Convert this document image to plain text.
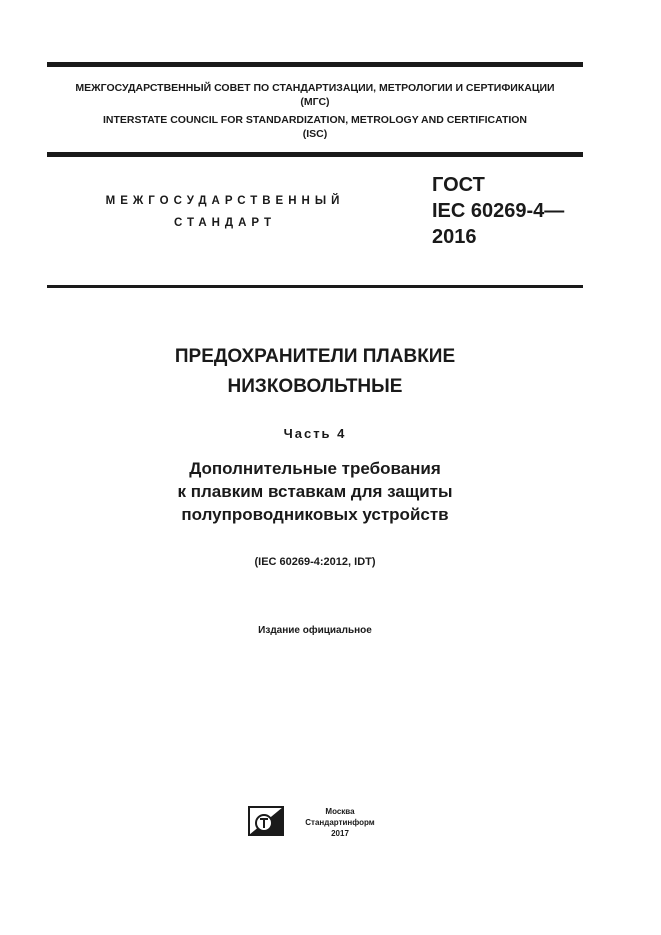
МЕЖГОСУДАРСТВЕННЫЙ СОВЕТ ПО СТАНДАРТИЗАЦИИ, МЕТРОЛОГИИ И СЕРТИФИКАЦИИ
(МГС)
INTERSTATE COUNCIL FOR STANDARDIZATION, METROLOGY AND CERTIFICATION
(ISC)
МЕЖГОСУДАРСТВЕННЫЙ
СТАНДАРТ
ГОСТ
IEC 60269-4—
2016
ПРЕДОХРАНИТЕЛИ ПЛАВКИЕ
НИЗКОВОЛЬТНЫЕ
Часть 4
Дополнительные требования
к плавким вставкам для защиты
полупроводниковых устройств
(IEC 60269-4:2012, IDT)
Издание официальное
Москва
Стандартинформ
2017
